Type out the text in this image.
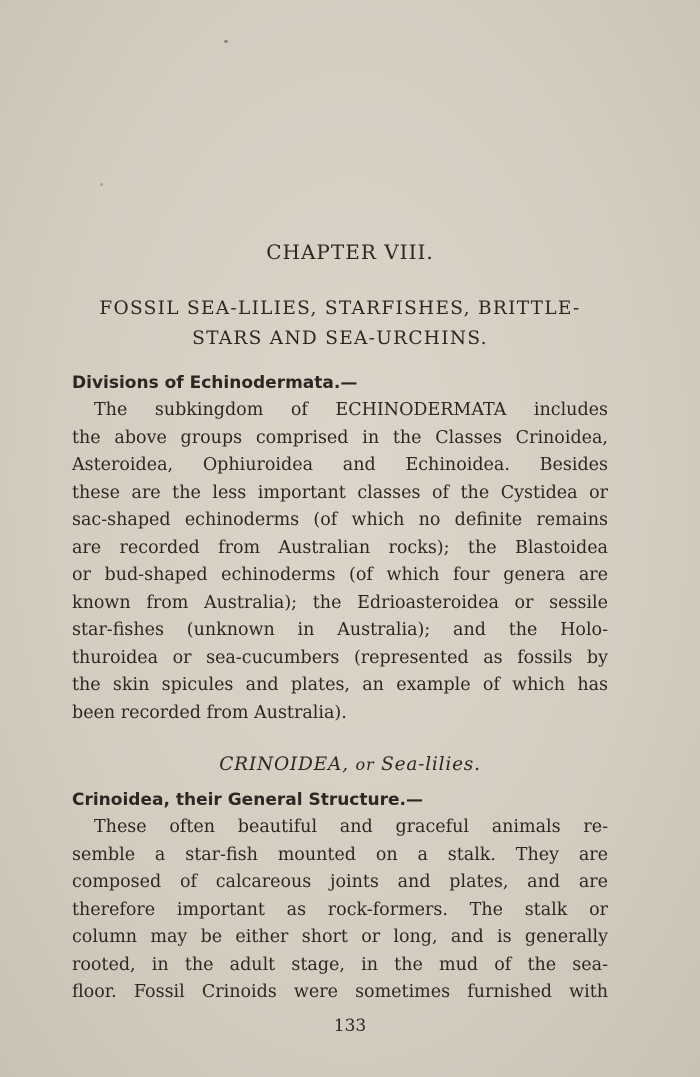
CHAPTER VIII.
FOSSIL SEA-LILIES, STARFISHES, BRITTLE-
STARS AND SEA-URCHINS.
Divisions of Echinodermata.—
The subkingdom of ECHINODERMATA includes
the above groups comprised in the Classes Crinoidea,
Asteroidea, Ophiuroidea and Echinoidea. Besides
these are the less important classes of the Cystidea or
sac-shaped echinoderms (of which no definite remains
are recorded from Australian rocks); the Blastoidea
or bud-shaped echinoderms (of which four genera are
known from Australia); the Edrioasteroidea or sessile
star-fishes (unknown in Australia); and the Holo-
thuroidea or sea-cucumbers (represented as fossils by
the skin spicules and plates, an example of which has
been recorded from Australia).
CRINOIDEA, or Sea-lilies.
Crinoidea, their General Structure.—
These often beautiful and graceful animals re-
semble a star-fish mounted on a stalk. They are
composed of calcareous joints and plates, and are
therefore important as rock-formers. The stalk or
column may be either short or long, and is generally
rooted, in the adult stage, in the mud of the sea-
floor. Fossil Crinoids were sometimes furnished with
133
